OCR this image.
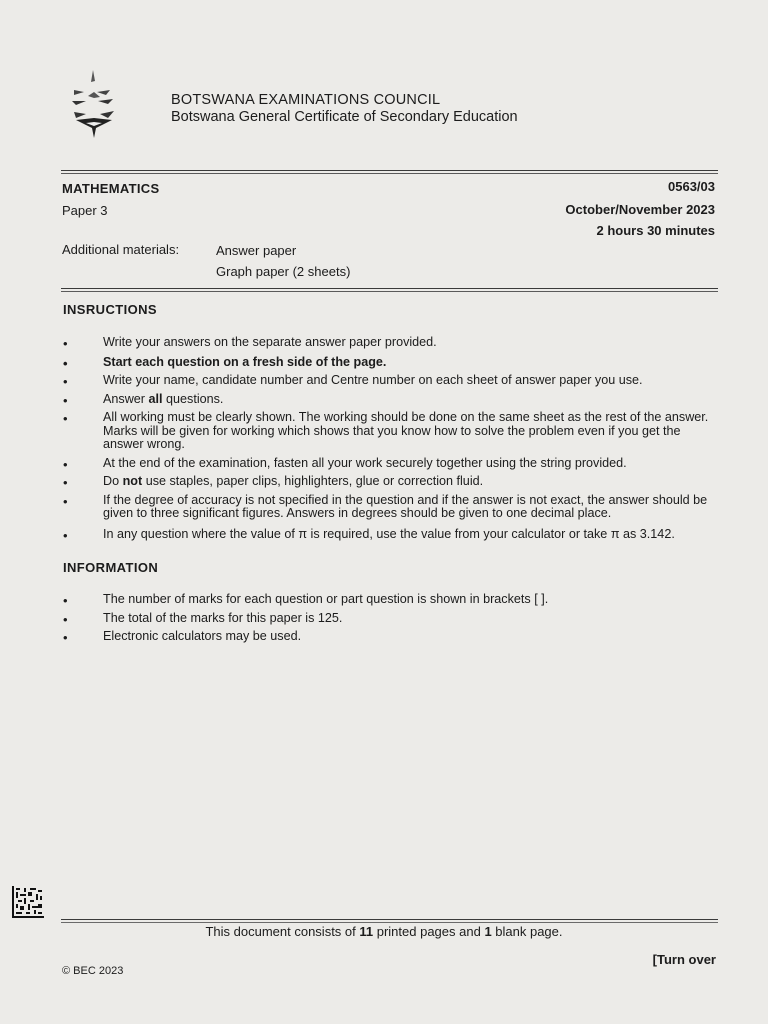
BOTSWANA EXAMINATIONS COUNCIL
Botswana General Certificate of Secondary Education
MATHEMATICS
Paper 3
0563/03
October/November 2023
2 hours 30 minutes
Additional materials:	Answer paper
Graph paper (2 sheets)
INSRUCTIONS
• Write your answers on the separate answer paper provided.
• Start each question on a fresh side of the page.
• Write your name, candidate number and Centre number on each sheet of answer paper you use.
• Answer all questions.
• All working must be clearly shown. The working should be done on the same sheet as the rest of the answer. Marks will be given for working which shows that you know how to solve the problem even if you get the answer wrong.
• At the end of the examination, fasten all your work securely together using the string provided.
• Do not use staples, paper clips, highlighters, glue or correction fluid.
• If the degree of accuracy is not specified in the question and if the answer is not exact, the answer should be given to three significant figures. Answers in degrees should be given to one decimal place.
• In any question where the value of π is required, use the value from your calculator or take π as 3.142.
INFORMATION
• The number of marks for each question or part question is shown in brackets [ ].
• The total of the marks for this paper is 125.
• Electronic calculators may be used.
This document consists of 11 printed pages and 1 blank page.
[Turn over
© BEC 2023
